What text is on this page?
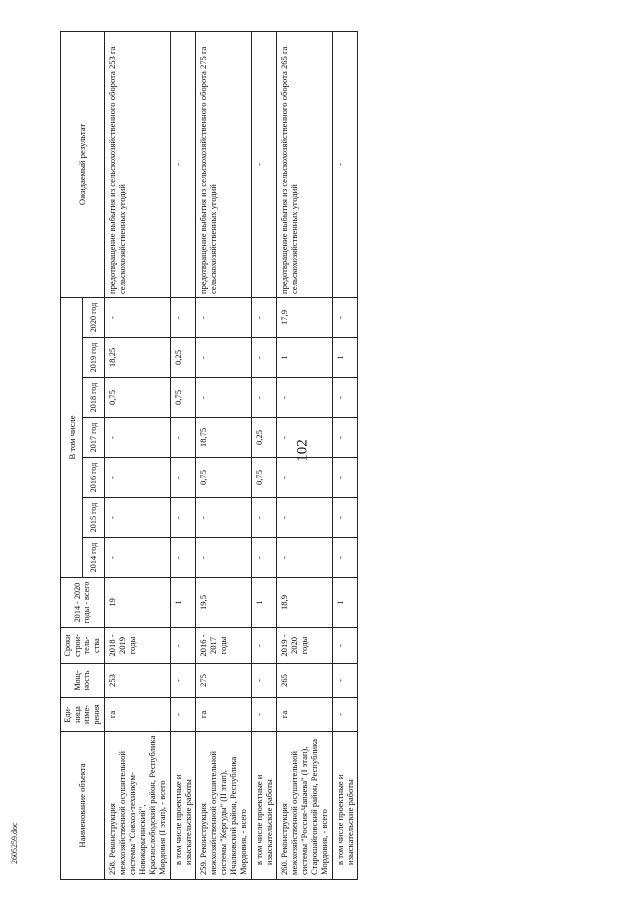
102
2605259.doc	Наименование объекта	Еди- ница изме- рения	Мощ- ность	Сроки строи- тель- ства	2014 - 2020 годы - всего	В том числе							Ожидаемый результат
					2014 год	2015 год	2016 год	2017 год	2018 год	2019 год	2020 год	
258. Реконструкция межхозяйственной осушительной системы "Совхоз-техникум-Новокарьгинский", Краснослободский район, Республика Мордовия (I этап), - всего	га	253	2018 - 2019 годы	19	-	-	-	-	0,75	18,25	-	предотвращение выбытия из сельскохозяйственного оборота 253 га сельскохозяйственных угодий
в том числе проектные и изыскательские работы	-	-	-	1	-	-	-	-	0,75	0,25	-	-
259. Реконструкция межхозяйственной осушительной системы "Кергуды" (II этап), Ичалковский район, Республика Мордовия, - всего	га	275	2016 - 2017 годы	19,5	-	-	0,75	18,75	-	-	-	предотвращение выбытия из сельскохозяйственного оборота 275 га сельскохозяйственных угодий
в том числе проектные и изыскательские работы	-	-	-	1	-	-	0,75	0,25	-	-	-	-
260. Реконструкция межхозяйственной осушительной системы "Россия-Чапаева" (I этап), Старошайговский район, Республика Мордовия, - всего	га	265	2019 - 2020 годы	18,9	-	-	-	-	-	1	17,9	предотвращение выбытия из сельскохозяйственного оборота 265 га сельскохозяйственных угодий
в том числе проектные и изыскательские работы	-	-	-	1	-	-	-	-	-	1	-	-
